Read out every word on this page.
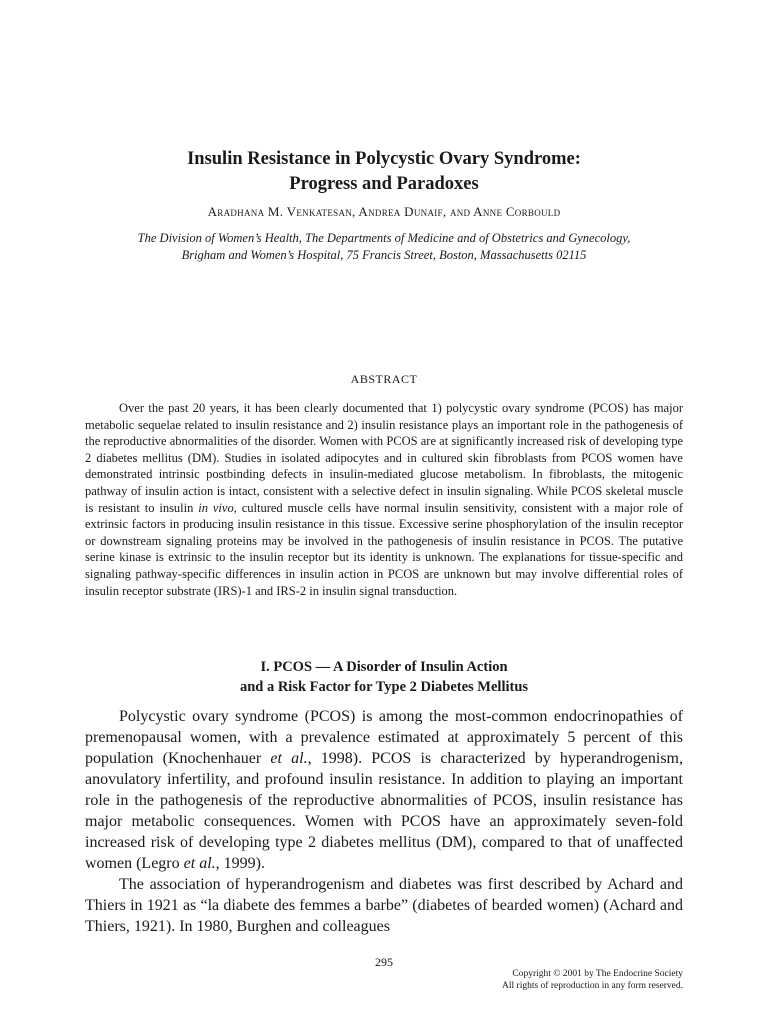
Insulin Resistance in Polycystic Ovary Syndrome:
Progress and Paradoxes
Aradhana M. Venkatesan, Andrea Dunaif, and Anne Corbould
The Division of Women’s Health, The Departments of Medicine and of Obstetrics and Gynecology,
Brigham and Women’s Hospital, 75 Francis Street, Boston, Massachusetts 02115
ABSTRACT
Over the past 20 years, it has been clearly documented that 1) polycystic ovary syndrome (PCOS) has major metabolic sequelae related to insulin resistance and 2) insulin resistance plays an important role in the pathogenesis of the reproductive abnormalities of the disorder. Women with PCOS are at significantly increased risk of developing type 2 diabetes mellitus (DM). Studies in isolated adipocytes and in cultured skin fibroblasts from PCOS women have demonstrated intrinsic postbinding defects in insulin-mediated glucose metabolism. In fibroblasts, the mitogenic pathway of insulin action is intact, consistent with a selective defect in insulin signaling. While PCOS skeletal muscle is resistant to insulin in vivo, cultured muscle cells have normal insulin sensitivity, consistent with a major role of extrinsic factors in producing insulin resistance in this tissue. Excessive serine phosphorylation of the insulin receptor or downstream signaling proteins may be involved in the pathogenesis of insulin resistance in PCOS. The putative serine kinase is extrinsic to the insulin receptor but its identity is unknown. The explanations for tissue-specific and signaling pathway-specific differences in insulin action in PCOS are unknown but may involve differential roles of insulin receptor substrate (IRS)-1 and IRS-2 in insulin signal transduction.
I. PCOS — A Disorder of Insulin Action
and a Risk Factor for Type 2 Diabetes Mellitus

Polycystic ovary syndrome (PCOS) is among the most-common endocrinopathies of premenopausal women, with a prevalence estimated at approximately 5 percent of this population (Knochenhauer et al., 1998). PCOS is characterized by hyperandrogenism, anovulatory infertility, and profound insulin resistance. In addition to playing an important role in the pathogenesis of the reproductive abnormalities of PCOS, insulin resistance has major metabolic consequences. Women with PCOS have an approximately seven-fold increased risk of developing type 2 diabetes mellitus (DM), compared to that of unaffected women (Legro et al., 1999).

The association of hyperandrogenism and diabetes was first described by Achard and Thiers in 1921 as “la diabete des femmes a barbe” (diabetes of bearded women) (Achard and Thiers, 1921). In 1980, Burghen and colleagues

295
Copyright © 2001 by The Endocrine Society
All rights of reproduction in any form reserved.
